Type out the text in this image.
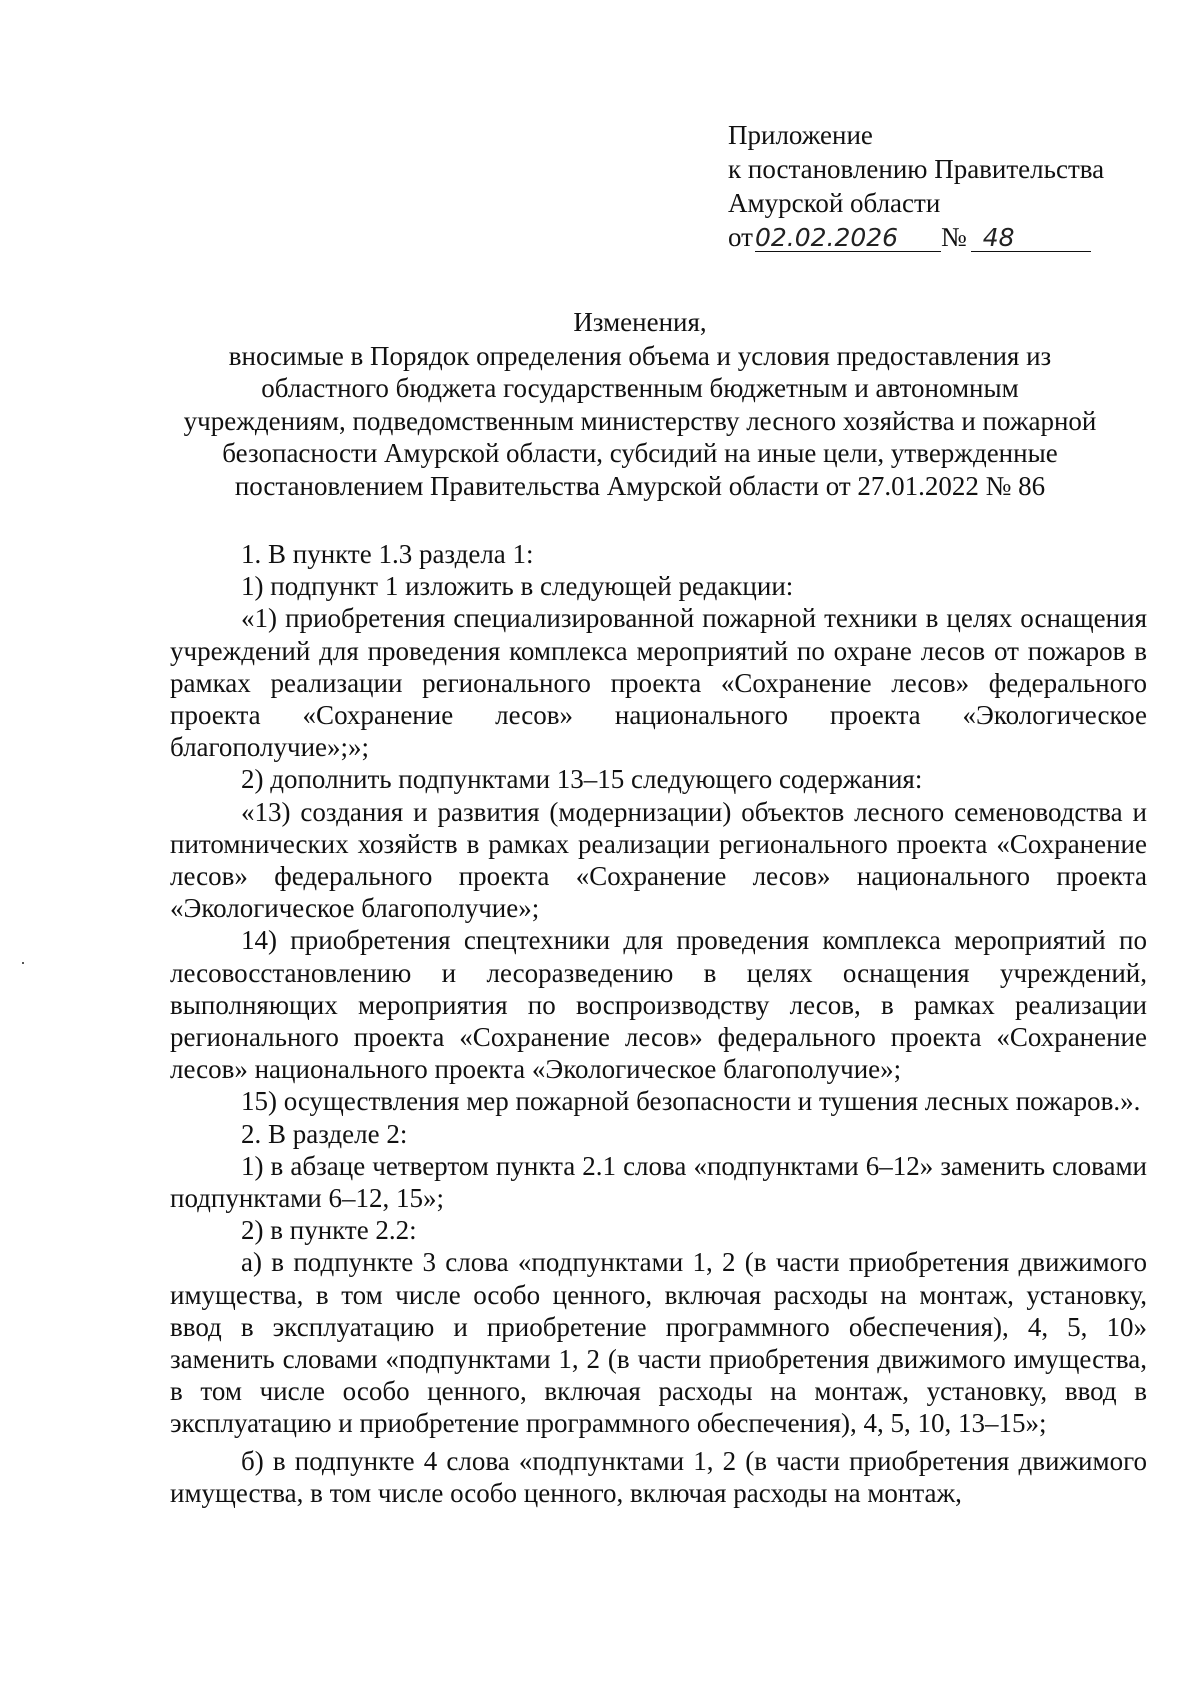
Приложение
к постановлению Правительства
Амурской области
от02.02.2026 № 48
Изменения,
вносимые в Порядок определения объема и условия предоставления из
областного бюджета государственным бюджетным и автономным
учреждениям, подведомственным министерству лесного хозяйства и пожарной
безопасности Амурской области, субсидий на иные цели, утвержденные
постановлением Правительства Амурской области от 27.01.2022 № 86

1. В пункте 1.3 раздела 1:

1) подпункт 1 изложить в следующей редакции:

«1) приобретения специализированной пожарной техники в целях оснащения учреждений для проведения комплекса мероприятий по охране лесов от пожаров в рамках реализации регионального проекта «Сохранение лесов» федерального проекта «Сохранение лесов» национального проекта «Экологическое благополучие»;»;

2) дополнить подпунктами 13–15 следующего содержания:

«13) создания и развития (модернизации) объектов лесного семеноводства и питомнических хозяйств в рамках реализации регионального проекта «Сохранение лесов» федерального проекта «Сохранение лесов» национального проекта «Экологическое благополучие»;

14) приобретения спецтехники для проведения комплекса мероприятий по лесовосстановлению и лесоразведению в целях оснащения учреждений, выполняющих мероприятия по воспроизводству лесов, в рамках реализации регионального проекта «Сохранение лесов» федерального проекта «Сохранение лесов» национального проекта «Экологическое благополучие»;

15) осуществления мер пожарной безопасности и тушения лесных пожаров.».

2. В разделе 2:

1) в абзаце четвертом пункта 2.1 слова «подпунктами 6–12» заменить словами подпунктами 6–12, 15»;

2) в пункте 2.2:

а) в подпункте 3 слова «подпунктами 1, 2 (в части приобретения движимого имущества, в том числе особо ценного, включая расходы на монтаж, установку, ввод в эксплуатацию и приобретение программного обеспечения), 4, 5, 10» заменить словами «подпунктами 1, 2 (в части приобретения движимого имущества, в том числе особо ценного, включая расходы на монтаж, установку, ввод в эксплуатацию и приобретение программного обеспечения), 4, 5, 10, 13–15»;

б) в подпункте 4 слова «подпунктами 1, 2 (в части приобретения движимого имущества, в том числе особо ценного, включая расходы на монтаж,
